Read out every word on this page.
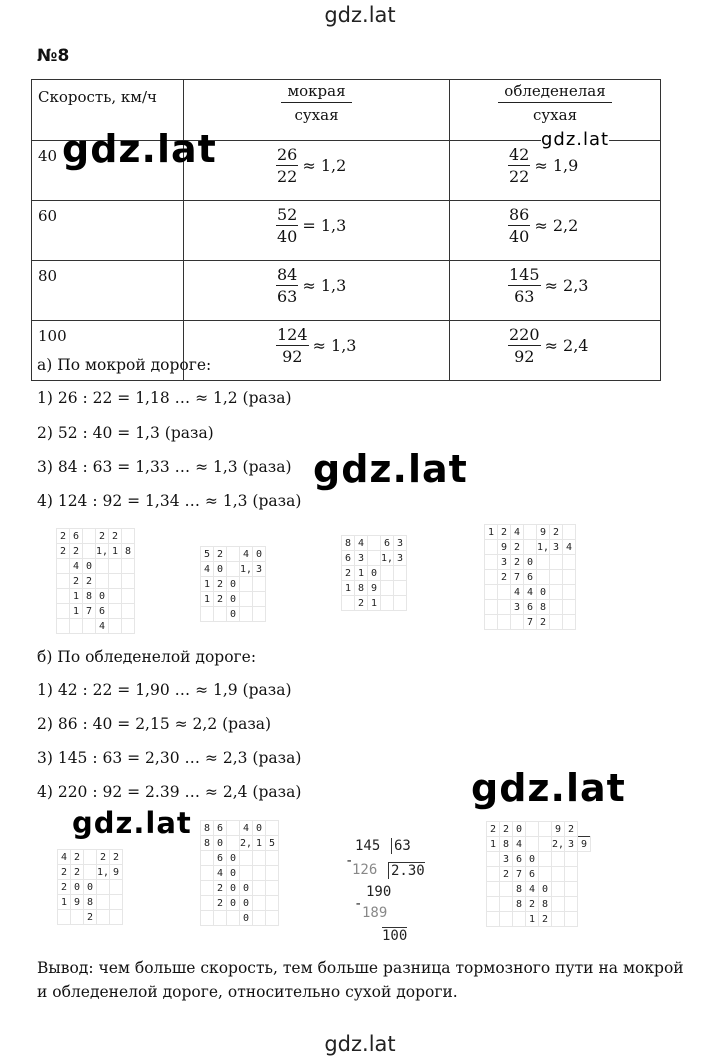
gdz.lat
№8
Скорость, км/ч	$\frac{\text{мокрая}}{\text{сухая}}$	$\frac{\text{обледенелая}}{\text{сухая}}$

40	$\frac{26}{22} \approx 1,2$	$\frac{42}{22} \approx 1,9$

60	$\frac{52}{40} = 1,3$	$\frac{86}{40} \approx 2,2$

80	$\frac{84}{63} \approx 1,3$	$\frac{145}{63} \approx 2,3$

100	$\frac{124}{92} \approx 1,3$	$\frac{220}{92} \approx 2,4$
а) По мокрой дороге:
1) 26 : 22 = 1,18 … ≈ 1,2 (раза)
2) 52 : 40 = 1,3 (раза)
3) 84 : 63 = 1,33 … ≈ 1,3 (раза)
4) 124 : 92 = 1,34 … ≈ 1,3 (раза)
2	6		2	2	
2	2		1,	1	8
	4	0			
	2	2			
	1	8	0		
	1	7	6		
			4		
5	2		4	0
4	0		1,	3
1	2	0		
1	2	0		
		0		
8	4		6	3
6	3		1,	3
2	1	0		
1	8	9		
	2	1		
1	2	4		9	2	
	9	2		1,	3	4
	3	2	0			
	2	7	6			
		4	4	0		
		3	6	8		
			7	2		
б) По обледенелой дороге:
1) 42 : 22 = 1,90 … ≈ 1,9 (раза)
2) 86 : 40 = 2,15 ≈ 2,2 (раза)
3) 145 : 63 = 2,30 … ≈ 2,3 (раза)
4) 220 : 92 = 2.39 … ≈ 2,4 (раза)
4	2		2	2
2	2		1,	9
2	0	0		
1	9	8		
		2		
8	6		4	0	
8	0		2,	1	5
	6	0			
	4	0			
	2	0	0		
	2	0	0		
			0		
2	2	0			9	2	
1	8	4			2,	3	9
	3	6	0				
	2	7	6				
		8	4	0			
		8	2	8			
			1	2			
145 63
126 2.30
190
189
100
-
-
Вывод: чем больше скорость, тем больше разница тормозного пути на мокрой и обледенелой дороге, относительно сухой дороги.
gdz.lat	gdz.lat
gdz.lat
gdz.lat
gdz.lat
gdz.lat
